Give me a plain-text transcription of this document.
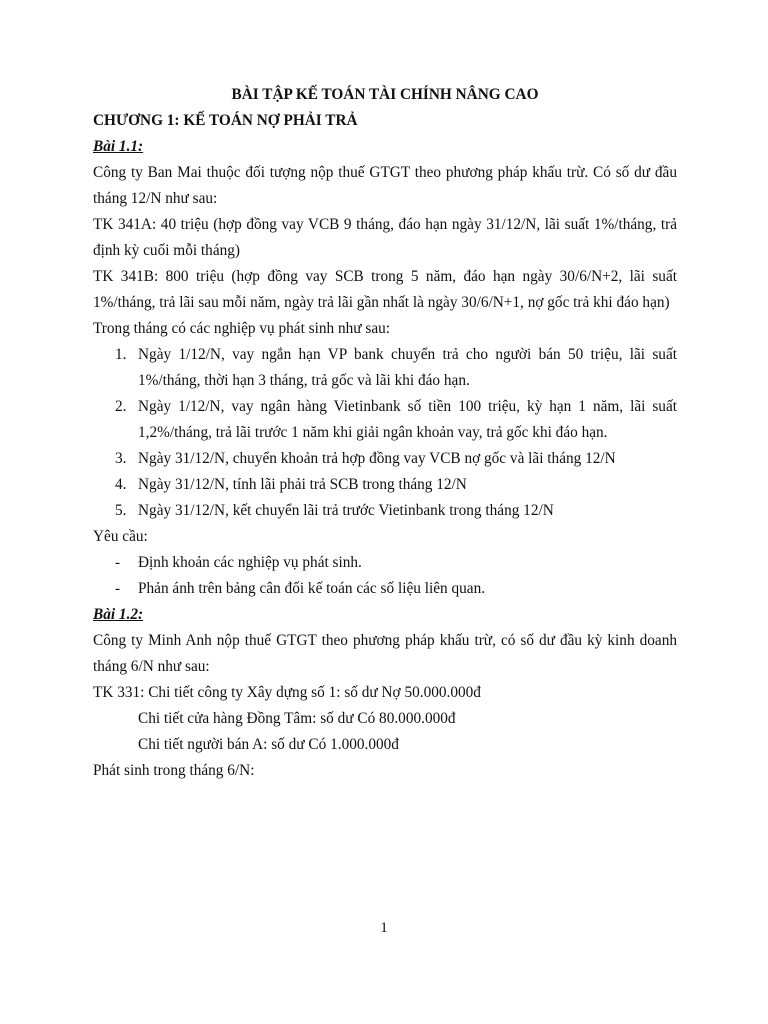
BÀI TẬP KẾ TOÁN TÀI CHÍNH NÂNG CAO

CHƯƠNG 1: KẾ TOÁN NỢ PHẢI TRẢ

Bài 1.1:

Công ty Ban Mai thuộc đối tượng nộp thuế GTGT theo phương pháp khấu trừ. Có số dư đầu tháng 12/N như sau:

TK 341A: 40 triệu (hợp đồng vay VCB 9 tháng, đáo hạn ngày 31/12/N, lãi suất 1%/tháng, trả định kỳ cuối mỗi tháng)

TK 341B: 800 triệu (hợp đồng vay SCB trong 5 năm, đáo hạn ngày 30/6/N+2, lãi suất 1%/tháng, trả lãi sau mỗi năm, ngày trả lãi gần nhất là ngày 30/6/N+1, nợ gốc trả khi đáo hạn)

Trong tháng có các nghiệp vụ phát sinh như sau:

1. Ngày 1/12/N, vay ngắn hạn VP bank chuyển trả cho người bán 50 triệu, lãi suất 1%/tháng, thời hạn 3 tháng, trả gốc và lãi khi đáo hạn.
2. Ngày 1/12/N, vay ngân hàng Vietinbank số tiền 100 triệu, kỳ hạn 1 năm, lãi suất 1,2%/tháng, trả lãi trước 1 năm khi giải ngân khoản vay, trả gốc khi đáo hạn.
3. Ngày 31/12/N, chuyển khoản trả hợp đồng vay VCB nợ gốc và lãi tháng 12/N
4. Ngày 31/12/N, tính lãi phải trả SCB trong tháng 12/N
5. Ngày 31/12/N, kết chuyển lãi trả trước Vietinbank trong tháng 12/N

Yêu cầu:

- Định khoản các nghiệp vụ phát sinh.
- Phản ánh trên bảng cân đối kế toán các số liệu liên quan.

Bài 1.2:

Công ty Minh Anh nộp thuế GTGT theo phương pháp khấu trừ, có số dư đầu kỳ kinh doanh tháng 6/N như sau:

TK 331: Chi tiết công ty Xây dựng số 1: số dư Nợ 50.000.000đ

Chi tiết cửa hàng Đồng Tâm: số dư Có 80.000.000đ

Chi tiết người bán A: số dư Có 1.000.000đ

Phát sinh trong tháng 6/N:

1
